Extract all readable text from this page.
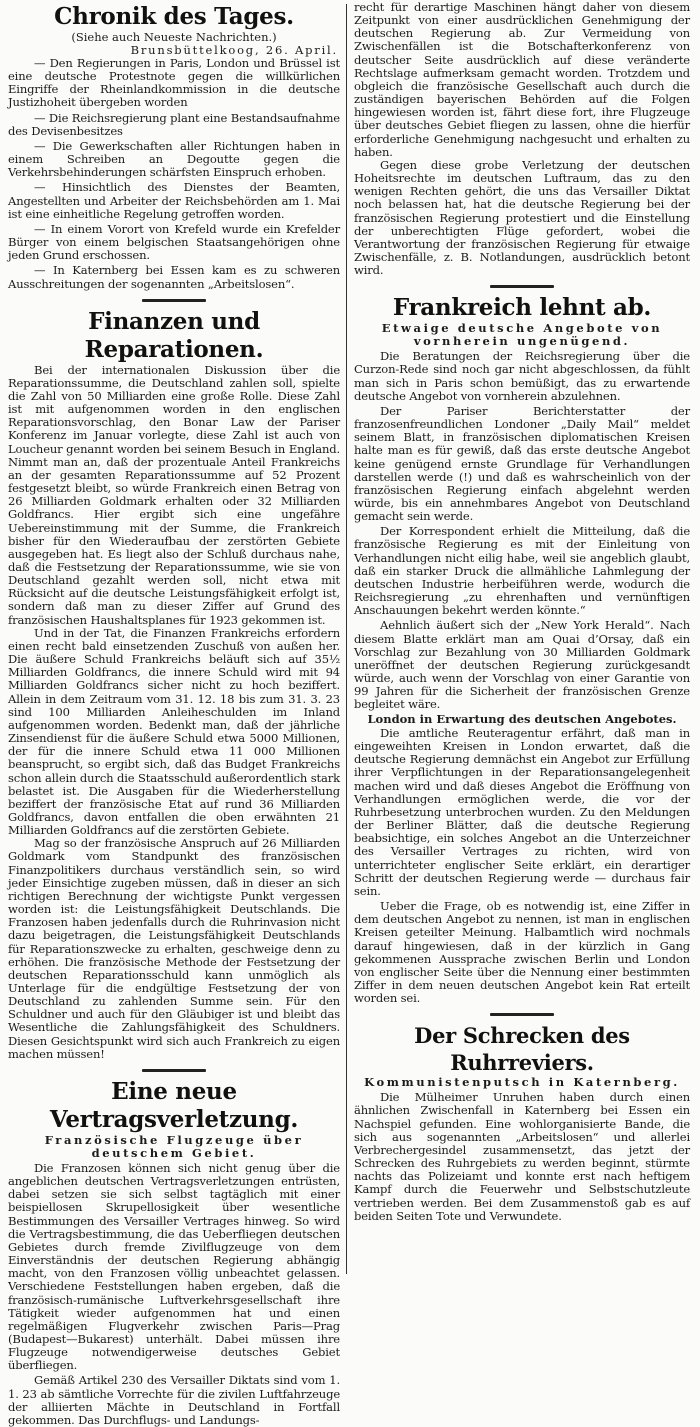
Chronik des Tages.
(Siehe auch Neueste Nachrichten.)
Brunsbüttelkoog, 26. April.

— Den Regierungen in Paris, London und Brüssel ist eine deutsche Protestnote gegen die willkürlichen Eingriffe der Rheinlandkommission in die deutsche Justizhoheit übergeben worden

— Die Reichsregierung plant eine Bestandsaufnahme des Devisenbesitzes

— Die Gewerkschaften aller Richtungen haben in einem Schreiben an Degoutte gegen die Verkehrsbehinderungen schärfsten Einspruch erhoben.

— Hinsichtlich des Dienstes der Beamten, Angestellten und Arbeiter der Reichsbehörden am 1. Mai ist eine einheitliche Regelung getroffen worden.

— In einem Vorort von Krefeld wurde ein Krefelder Bürger von einem belgischen Staatsangehörigen ohne jeden Grund erschossen.

— In Katernberg bei Essen kam es zu schweren Ausschreitungen der sogenannten „Arbeitslosen“.

Finanzen und Reparationen.

Bei der internationalen Diskussion über die Reparationssumme, die Deutschland zahlen soll, spielte die Zahl von 50 Milliarden eine große Rolle. Diese Zahl ist mit aufgenommen worden in den englischen Reparationsvorschlag, den Bonar Law der Pariser Konferenz im Januar vorlegte, diese Zahl ist auch von Loucheur genannt worden bei seinem Besuch in England. Nimmt man an, daß der prozentuale Anteil Frankreichs an der gesamten Reparationssumme auf 52 Prozent festgesetzt bleibt, so würde Frankreich einen Betrag von 26 Milliarden Goldmark erhalten oder 32 Milliarden Goldfrancs. Hier ergibt sich eine ungefähre Uebereinstimmung mit der Summe, die Frankreich bisher für den Wiederaufbau der zerstörten Gebiete ausgegeben hat. Es liegt also der Schluß durchaus nahe, daß die Festsetzung der Reparationssumme, wie sie von Deutschland gezahlt werden soll, nicht etwa mit Rücksicht auf die deutsche Leistungsfähigkeit erfolgt ist, sondern daß man zu dieser Ziffer auf Grund des französischen Haushaltsplanes für 1923 gekommen ist.

Und in der Tat, die Finanzen Frankreichs erfordern einen recht bald einsetzenden Zuschuß von außen her. Die äußere Schuld Frankreichs beläuft sich auf 35½ Milliarden Goldfrancs, die innere Schuld wird mit 94 Milliarden Goldfrancs sicher nicht zu hoch beziffert. Allein in dem Zeitraum vom 31. 12. 18 bis zum 31. 3. 23 sind 100 Milliarden Anleiheschulden im Inland aufgenommen worden. Bedenkt man, daß der jährliche Zinsendienst für die äußere Schuld etwa 5000 Millionen, der für die innere Schuld etwa 11 000 Millionen beansprucht, so ergibt sich, daß das Budget Frankreichs schon allein durch die Staatsschuld außerordentlich stark belastet ist. Die Ausgaben für die Wiederherstellung beziffert der französische Etat auf rund 36 Milliarden Goldfrancs, davon entfallen die oben erwähnten 21 Milliarden Goldfrancs auf die zerstörten Gebiete.

Mag so der französische Anspruch auf 26 Milliarden Goldmark vom Standpunkt des französischen Finanzpolitikers durchaus verständlich sein, so wird jeder Einsichtige zugeben müssen, daß in dieser an sich richtigen Berechnung der wichtigste Punkt vergessen worden ist: die Leistungsfähigkeit Deutschlands. Die Franzosen haben jedenfalls durch die Ruhrinvasion nicht dazu beigetragen, die Leistungsfähigkeit Deutschlands für Reparationszwecke zu erhalten, geschweige denn zu erhöhen. Die französische Methode der Festsetzung der deutschen Reparationsschuld kann unmöglich als Unterlage für die endgültige Festsetzung der von Deutschland zu zahlenden Summe sein. Für den Schuldner und auch für den Gläubiger ist und bleibt das Wesentliche die Zahlungsfähigkeit des Schuldners. Diesen Gesichtspunkt wird sich auch Frankreich zu eigen machen müssen!

Eine neue Vertragsverletzung.
Französische Flugzeuge über deutschem Gebiet.

Die Franzosen können sich nicht genug über die angeblichen deutschen Vertragsverletzungen entrüsten, dabei setzen sie sich selbst tagtäglich mit einer beispiellosen Skrupellosigkeit über wesentliche Bestimmungen des Versailler Vertrages hinweg. So wird die Vertragsbestimmung, die das Ueberfliegen deutschen Gebietes durch fremde Zivilflugzeuge von dem Einverständnis der deutschen Regierung abhängig macht, von den Franzosen völlig unbeachtet gelassen. Verschiedene Feststellungen haben ergeben, daß die französisch-rumänische Luftverkehrsgesellschaft ihre Tätigkeit wieder aufgenommen hat und einen regelmäßigen Flugverkehr zwischen Paris—Prag (Budapest—Bukarest) unterhält. Dabei müssen ihre Flugzeuge notwendigerweise deutsches Gebiet überfliegen.

Gemäß Artikel 230 des Versailler Diktats sind vom 1. 1. 23 ab sämtliche Vorrechte für die zivilen Luftfahrzeuge der alliierten Mächte in Deutschland in Fortfall gekommen. Das Durchflugs- und Landungs-

recht für derartige Maschinen hängt daher von diesem Zeitpunkt von einer ausdrücklichen Genehmigung der deutschen Regierung ab. Zur Vermeidung von Zwischenfällen ist die Botschafterkonferenz von deutscher Seite ausdrücklich auf diese veränderte Rechtslage aufmerksam gemacht worden. Trotzdem und obgleich die französische Gesellschaft auch durch die zuständigen bayerischen Behörden auf die Folgen hingewiesen worden ist, fährt diese fort, ihre Flugzeuge über deutsches Gebiet fliegen zu lassen, ohne die hierfür erforderliche Genehmigung nachgesucht und erhalten zu haben.

Gegen diese grobe Verletzung der deutschen Hoheitsrechte im deutschen Luftraum, das zu den wenigen Rechten gehört, die uns das Versailler Diktat noch belassen hat, hat die deutsche Regierung bei der französischen Regierung protestiert und die Einstellung der unberechtigten Flüge gefordert, wobei die Verantwortung der französischen Regierung für etwaige Zwischenfälle, z. B. Notlandungen, ausdrücklich betont wird.

Frankreich lehnt ab.
Etwaige deutsche Angebote von vornherein ungenügend.

Die Beratungen der Reichsregierung über die Curzon-Rede sind noch gar nicht abgeschlossen, da fühlt man sich in Paris schon bemüßigt, das zu erwartende deutsche Angebot von vornherein abzulehnen.

Der Pariser Berichterstatter der franzosenfreundlichen Londoner „Daily Mail“ meldet seinem Blatt, in französischen diplomatischen Kreisen halte man es für gewiß, daß das erste deutsche Angebot keine genügend ernste Grundlage für Verhandlungen darstellen werde (!) und daß es wahrscheinlich von der französischen Regierung einfach abgelehnt werden würde, bis ein annehmbares Angebot von Deutschland gemacht sein werde.

Der Korrespondent erhielt die Mitteilung, daß die französische Regierung es mit der Einleitung von Verhandlungen nicht eilig habe, weil sie angeblich glaubt, daß ein starker Druck die allmähliche Lahmlegung der deutschen Industrie herbeiführen werde, wodurch die Reichsregierung „zu ehrenhaften und vernünftigen Anschauungen bekehrt werden könnte.“

Aehnlich äußert sich der „New York Herald“. Nach diesem Blatte erklärt man am Quai d’Orsay, daß ein Vorschlag zur Bezahlung von 30 Milliarden Goldmark uneröffnet der deutschen Regierung zurückgesandt würde, auch wenn der Vorschlag von einer Garantie von 99 Jahren für die Sicherheit der französischen Grenze begleitet wäre.

London in Erwartung des deutschen Angebotes.

Die amtliche Reuteragentur erfährt, daß man in eingeweihten Kreisen in London erwartet, daß die deutsche Regierung demnächst ein Angebot zur Erfüllung ihrer Verpflichtungen in der Reparationsangelegenheit machen wird und daß dieses Angebot die Eröffnung von Verhandlungen ermöglichen werde, die vor der Ruhrbesetzung unterbrochen wurden. Zu den Meldungen der Berliner Blätter, daß die deutsche Regierung beabsichtige, ein solches Angebot an die Unterzeichner des Versailler Vertrages zu richten, wird von unterrichteter englischer Seite erklärt, ein derartiger Schritt der deutschen Regierung werde — durchaus fair sein.

Ueber die Frage, ob es notwendig ist, eine Ziffer in dem deutschen Angebot zu nennen, ist man in englischen Kreisen geteilter Meinung. Halbamtlich wird nochmals darauf hingewiesen, daß in der kürzlich in Gang gekommenen Aussprache zwischen Berlin und London von englischer Seite über die Nennung einer bestimmten Ziffer in dem neuen deutschen Angebot kein Rat erteilt worden sei.

Der Schrecken des Ruhrreviers.
Kommunistenputsch in Katernberg.

Die Mülheimer Unruhen haben durch einen ähnlichen Zwischenfall in Katernberg bei Essen ein Nachspiel gefunden. Eine wohlorganisierte Bande, die sich aus sogenannten „Arbeitslosen“ und allerlei Verbrechergesindel zusammensetzt, das jetzt der Schrecken des Ruhrgebiets zu werden beginnt, stürmte nachts das Polizeiamt und konnte erst nach heftigem Kampf durch die Feuerwehr und Selbstschutzleute vertrieben werden. Bei dem Zusammenstoß gab es auf beiden Seiten Tote und Verwundete.
